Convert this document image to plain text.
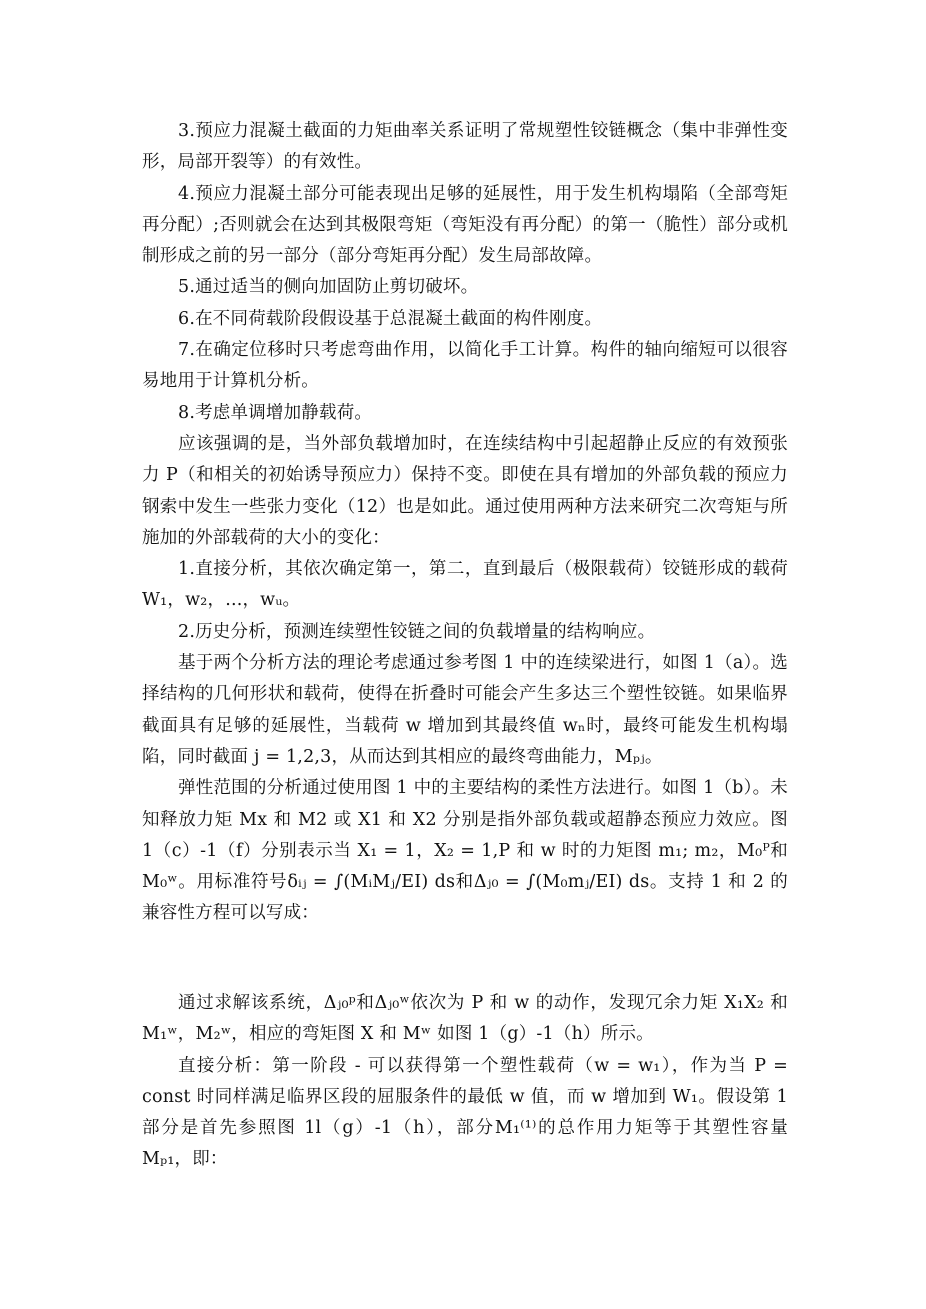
3.预应力混凝土截面的力矩曲率关系证明了常规塑性铰链概念（集中非弹性变形，局部开裂等）的有效性。

4.预应力混凝土部分可能表现出足够的延展性，用于发生机构塌陷（全部弯矩再分配）;否则就会在达到其极限弯矩（弯矩没有再分配）的第一（脆性）部分或机制形成之前的另一部分（部分弯矩再分配）发生局部故障。

5.通过适当的侧向加固防止剪切破坏。

6.在不同荷载阶段假设基于总混凝土截面的构件刚度。

7.在确定位移时只考虑弯曲作用，以简化手工计算。构件的轴向缩短可以很容易地用于计算机分析。

8.考虑单调增加静载荷。

应该强调的是，当外部负载增加时，在连续结构中引起超静止反应的有效预张力 P（和相关的初始诱导预应力）保持不变。即使在具有增加的外部负载的预应力钢索中发生一些张力变化（12）也是如此。通过使用两种方法来研究二次弯矩与所施加的外部载荷的大小的变化：

1.直接分析，其依次确定第一，第二，直到最后（极限载荷）铰链形成的载荷 W₁，w₂，...，wᵤ。

2.历史分析，预测连续塑性铰链之间的负载增量的结构响应。

基于两个分析方法的理论考虑通过参考图 1 中的连续梁进行，如图 1（a）。选择结构的几何形状和载荷，使得在折叠时可能会产生多达三个塑性铰链。如果临界截面具有足够的延展性，当载荷 w 增加到其最终值 wₙ时，最终可能发生机构塌陷，同时截面 j = 1,2,3，从而达到其相应的最终弯曲能力，Mₚⱼ。

弹性范围的分析通过使用图 1 中的主要结构的柔性方法进行。如图 1（b）。未知释放力矩 Mx 和 M2 或 X1 和 X2 分别是指外部负载或超静态预应力效应。图 1（c）-1（f）分别表示当 X₁ = 1，X₂ = 1,P 和 w 时的力矩图 m₁; m₂，M₀ᴾ和M₀ʷ。用标准符号δᵢⱼ = ∫(MᵢMⱼ/EI) ds和Δⱼ₀ = ∫(M₀mⱼ/EI) ds。支持 1 和 2 的兼容性方程可以写成：

通过求解该系统，Δⱼ₀ᵖ和Δⱼ₀ʷ依次为 P 和 w 的动作，发现冗余力矩 X₁X₂ 和 M₁ʷ，M₂ʷ，相应的弯矩图 X 和 Mʷ 如图 1（g）-1（h）所示。

直接分析：第一阶段 - 可以获得第一个塑性载荷（w = w₁），作为当 P = const 时同样满足临界区段的屈服条件的最低 w 值，而 w 增加到 W₁。假设第 1 部分是首先参照图 1l（g）-1（h），部分M₁⁽¹⁾的总作用力矩等于其塑性容量 Mₚ₁，即：
